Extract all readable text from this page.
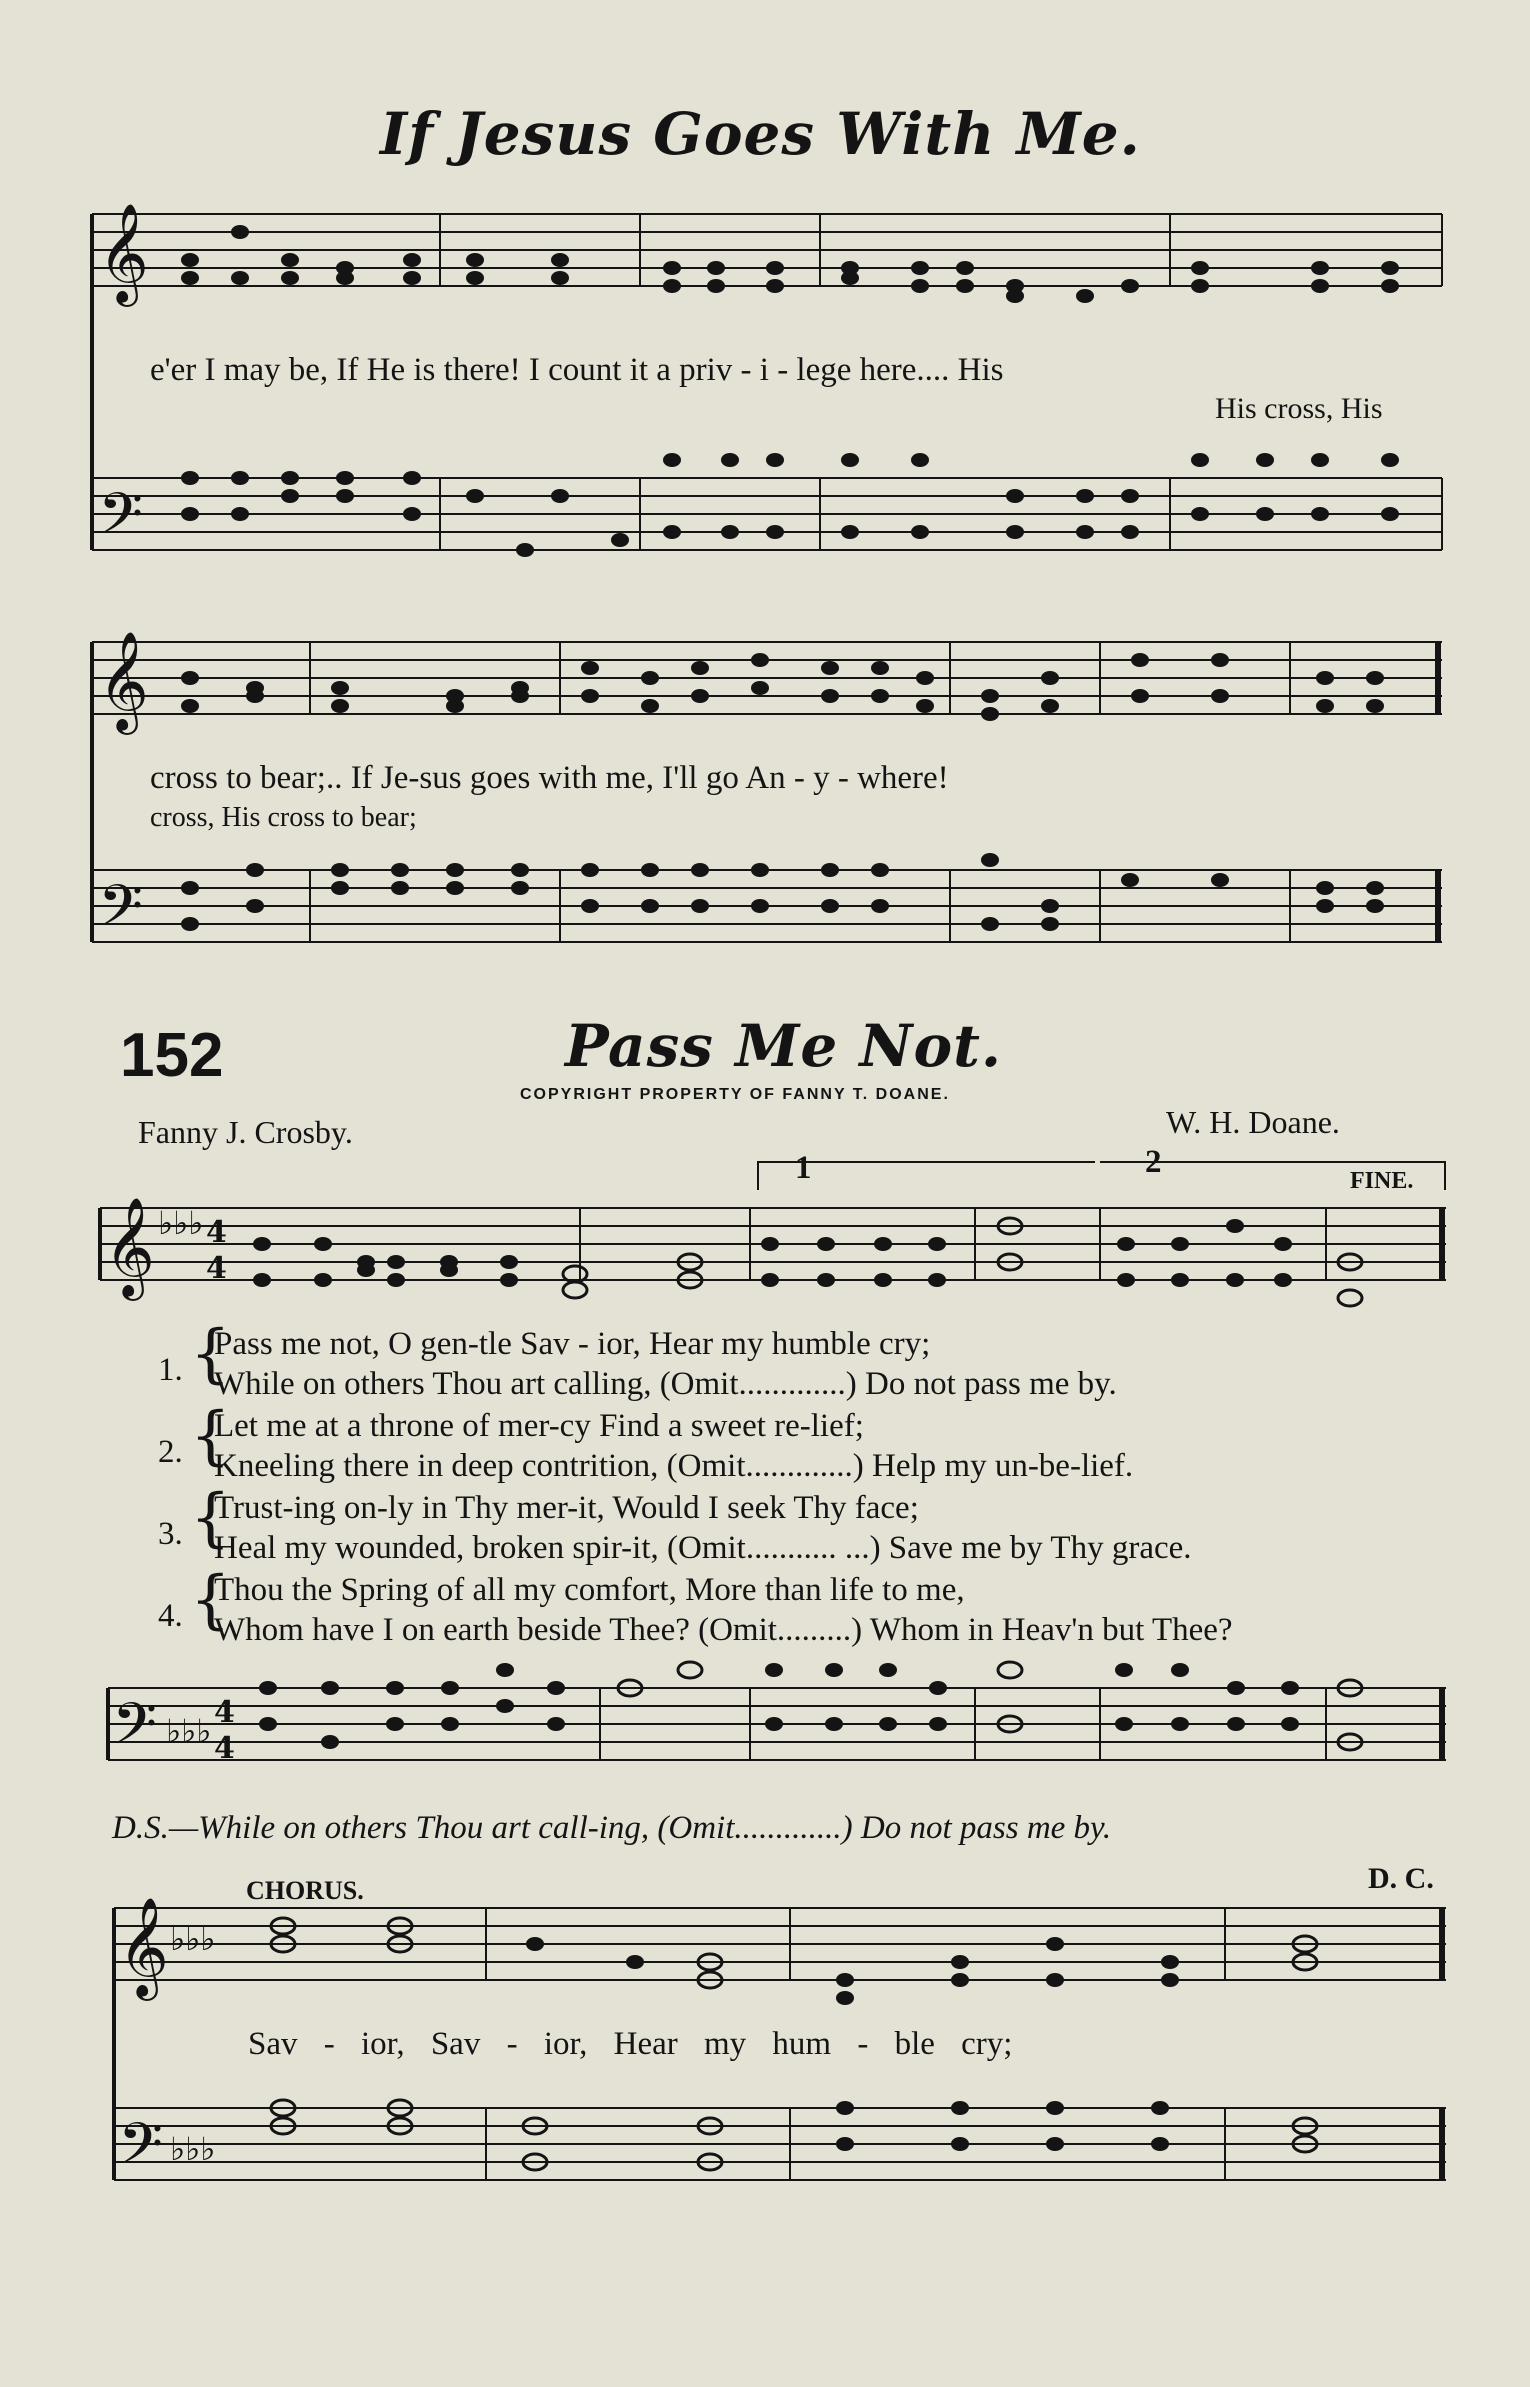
If Jesus Goes With Me.
𝄞
𝄢
𝄞
𝄢
𝄞
𝄢
𝄞
𝄢
♭♭♭
♭♭♭
♭♭♭
♭♭♭
4
4
4
4
e'er I may be, If He is there! I count it a priv - i - lege here.... His
His cross, His
cross to bear;.. If Je-sus goes with me, I'll go An - y - where!
cross, His cross to bear;
152	Pass Me Not.
COPYRIGHT PROPERTY OF FANNY T. DOANE.
Fanny J. Crosby.	W. H. Doane.
1	2
FINE.
1. {
Pass me not, O gen-tle Sav - ior, Hear my humble cry;
While on others Thou art calling, (Omit.............) Do not pass me by.
2. {
Let me at a throne of mer-cy Find a sweet re-lief;
Kneeling there in deep contrition, (Omit.............) Help my un-be-lief.
3. {
Trust-ing on-ly in Thy mer-it, Would I seek Thy face;
Heal my wounded, broken spir-it, (Omit........... ...) Save me by Thy grace.
4. {
Thou the Spring of all my comfort, More than life to me,
Whom have I on earth beside Thee? (Omit.........) Whom in Heav'n but Thee?
D.S.—While on others Thou art call-ing, (Omit.............) Do not pass me by.
CHORUS.	D. C.
Sav - ior, Sav - ior, Hear my hum - ble cry;
